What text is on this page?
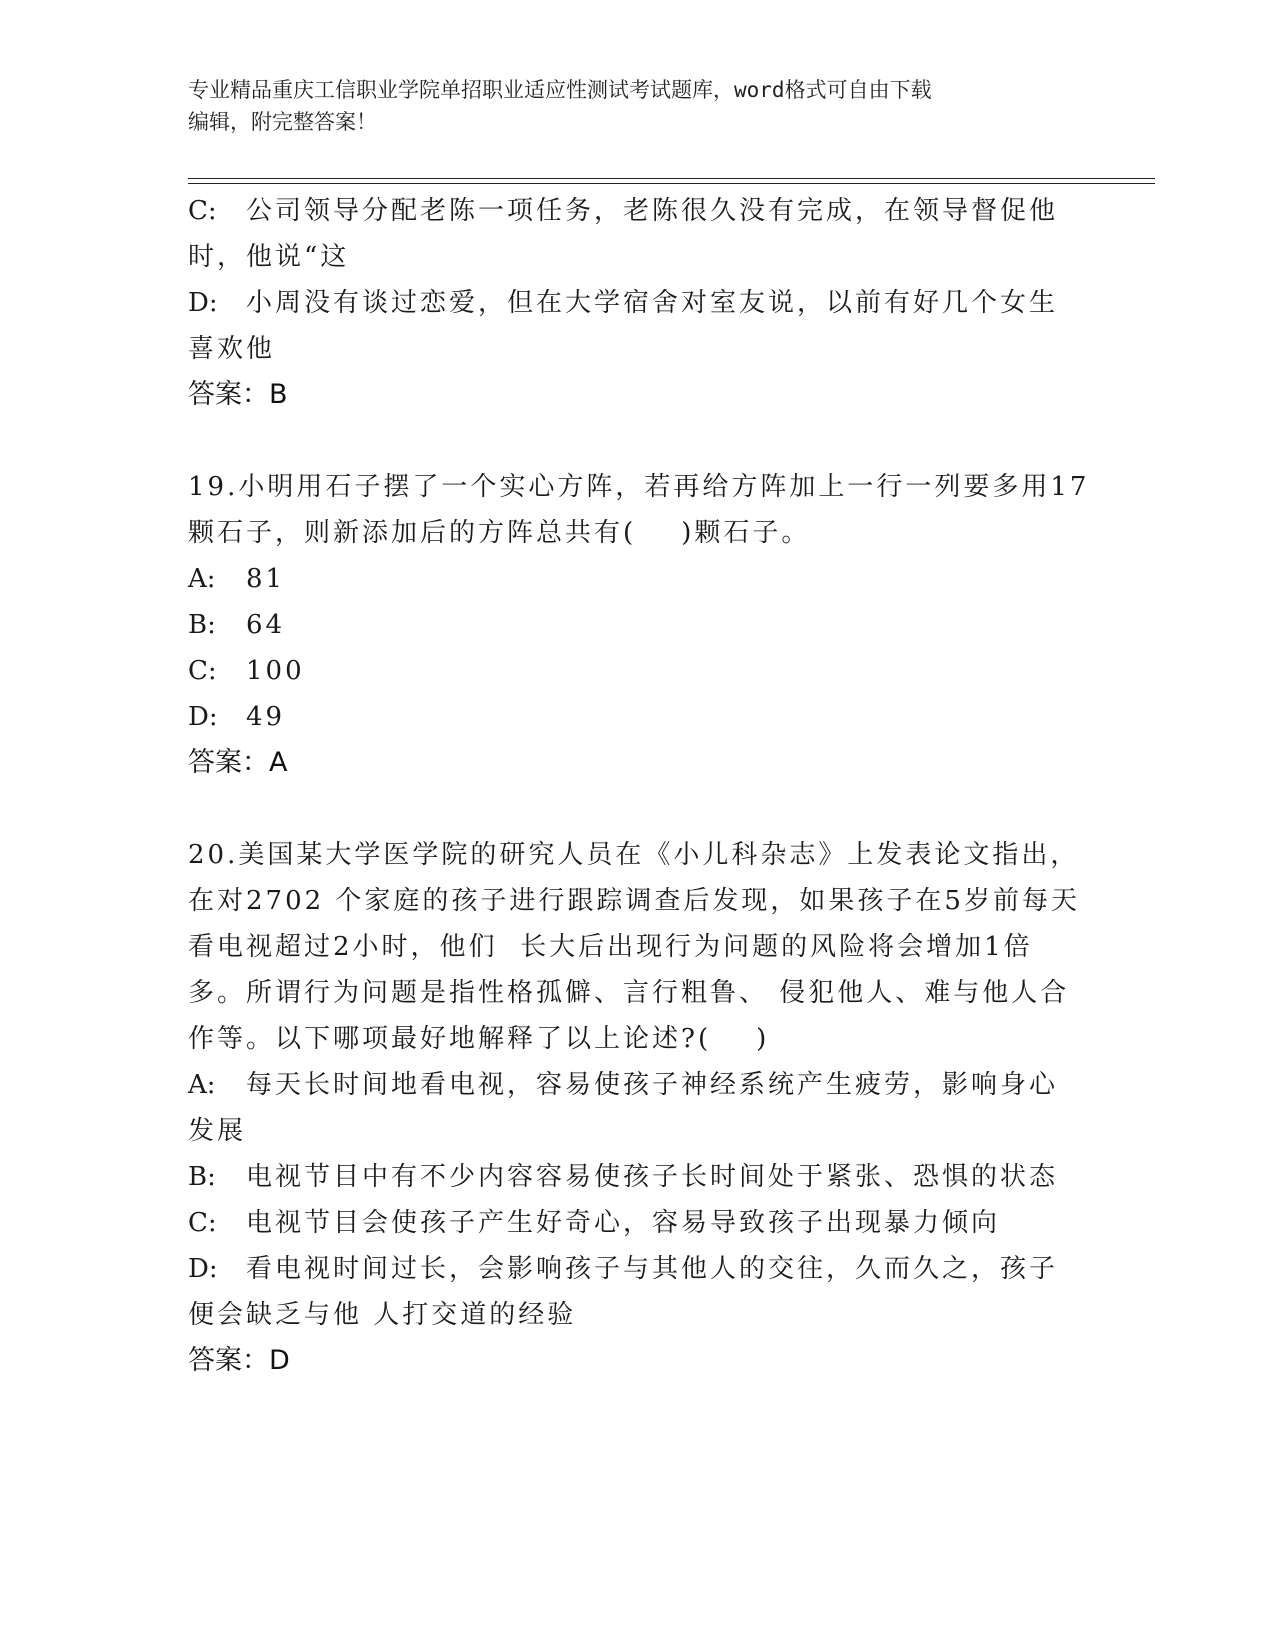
专业精品重庆工信职业学院单招职业适应性测试考试题库，word格式可自由下载

编辑，附完整答案！

C: 公司领导分配老陈一项任务，老陈很久没有完成，在领导督促他

时，他说“这

D: 小周没有谈过恋爱，但在大学宿舍对室友说，以前有好几个女生

喜欢他

答案：B

19.小明用石子摆了一个实心方阵，若再给方阵加上一行一列要多用17

颗石子，则新添加后的方阵总共有(    )颗石子。

A: 81

B: 64

C: 100

D: 49

答案：A

20.美国某大学医学院的研究人员在《小儿科杂志》上发表论文指出，

在对2702 个家庭的孩子进行跟踪调查后发现，如果孩子在5岁前每天

看电视超过2小时，他们  长大后出现行为问题的风险将会增加1倍

多。所谓行为问题是指性格孤僻、言行粗鲁、 侵犯他人、难与他人合

作等。以下哪项最好地解释了以上论述?(    )

A: 每天长时间地看电视，容易使孩子神经系统产生疲劳，影响身心

发展

B: 电视节目中有不少内容容易使孩子长时间处于紧张、恐惧的状态

C: 电视节目会使孩子产生好奇心，容易导致孩子出现暴力倾向

D: 看电视时间过长，会影响孩子与其他人的交往，久而久之，孩子

便会缺乏与他 人打交道的经验

答案：D
